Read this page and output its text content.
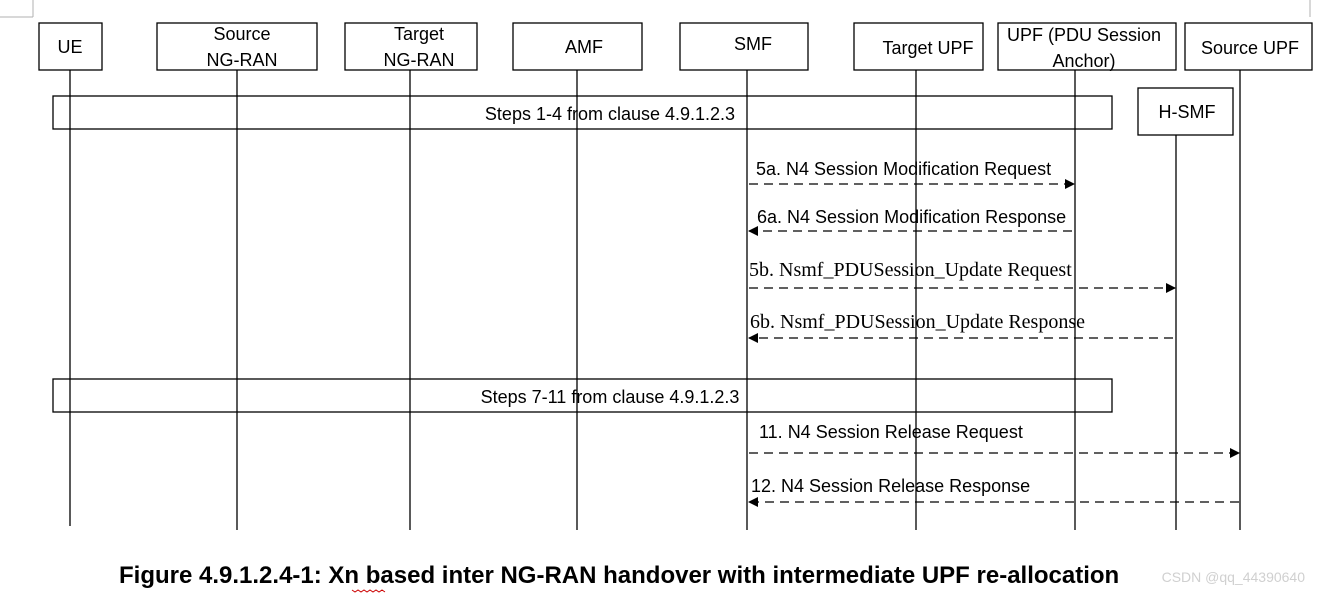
UE
Source
NG-RAN
Target
NG-RAN
AMF	SMF	Target UPF
UPF (PDU Session
Anchor)
Source UPF
H-SMF
Steps 1-4 from clause 4.9.1.2.3
5a. N4 Session Modification Request
6a. N4 Session Modification Response
5b. Nsmf_PDUSession_Update Request
6b. Nsmf_PDUSession_Update Response
Steps 7-11 from clause 4.9.1.2.3
11. N4 Session Release Request
12. N4 Session Release Response
Figure 4.9.1.2.4-1: Xn based inter NG-RAN handover with intermediate UPF re-allocation	CSDN @qq_44390640
